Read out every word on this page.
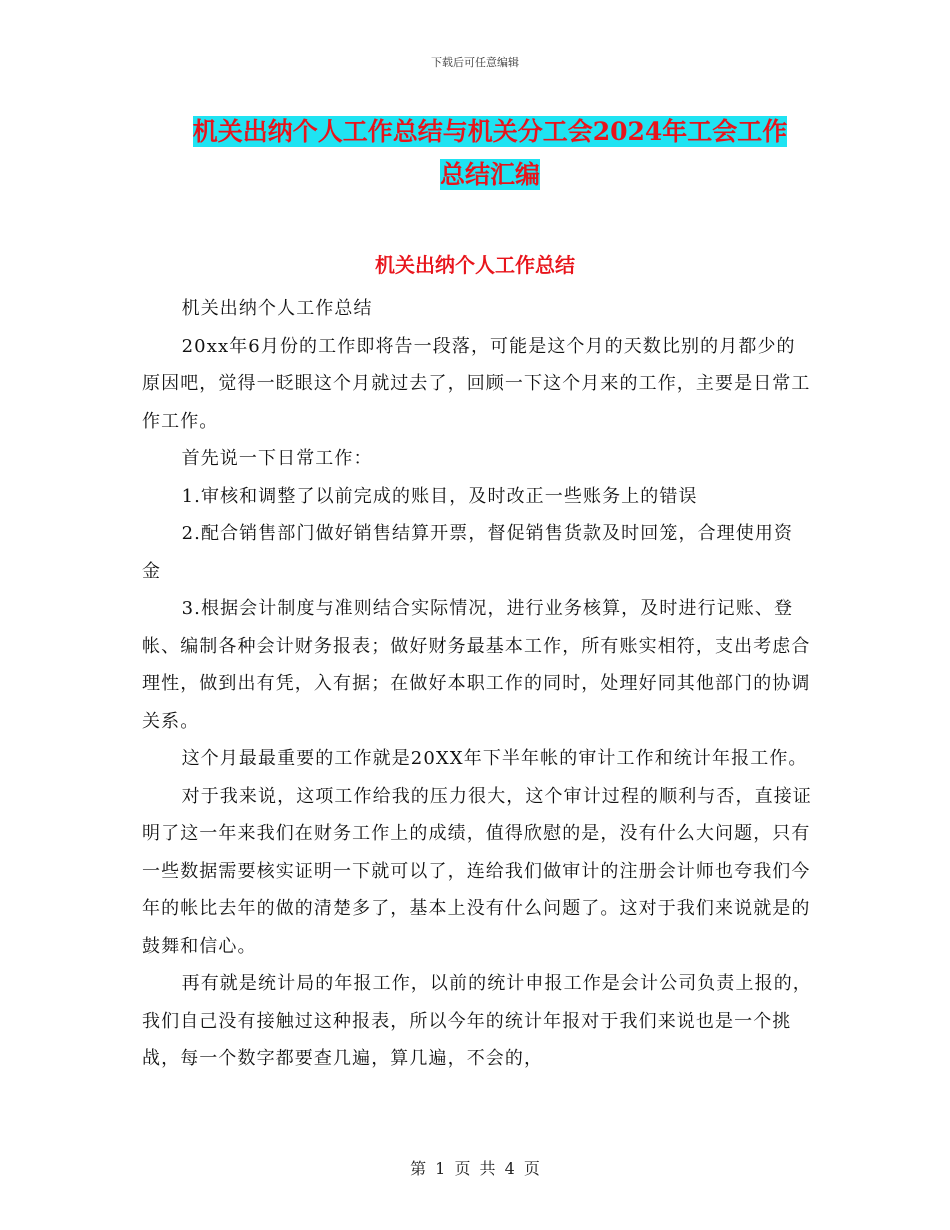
下载后可任意编辑
机关出纳个人工作总结与机关分工会2024年工会工作
总结汇编
机关出纳个人工作总结

机关出纳个人工作总结

20xx年6月份的工作即将告一段落，可能是这个月的天数比别的月都少的原因吧，觉得一眨眼这个月就过去了，回顾一下这个月来的工作，主要是日常工作工作。

首先说一下日常工作：

1.审核和调整了以前完成的账目，及时改正一些账务上的错误

2.配合销售部门做好销售结算开票，督促销售货款及时回笼，合理使用资金

3.根据会计制度与准则结合实际情况，进行业务核算，及时进行记账、登帐、编制各种会计财务报表；做好财务最基本工作，所有账实相符，支出考虑合理性，做到出有凭，入有据；在做好本职工作的同时，处理好同其他部门的协调关系。

这个月最最重要的工作就是20XX年下半年帐的审计工作和统计年报工作。

对于我来说，这项工作给我的压力很大，这个审计过程的顺利与否，直接证明了这一年来我们在财务工作上的成绩，值得欣慰的是，没有什么大问题，只有一些数据需要核实证明一下就可以了，连给我们做审计的注册会计师也夸我们今年的帐比去年的做的清楚多了，基本上没有什么问题了。这对于我们来说就是的鼓舞和信心。

再有就是统计局的年报工作，以前的统计申报工作是会计公司负责上报的，我们自己没有接触过这种报表，所以今年的统计年报对于我们来说也是一个挑战，每一个数字都要查几遍，算几遍，不会的，

第 1 页 共 4 页
